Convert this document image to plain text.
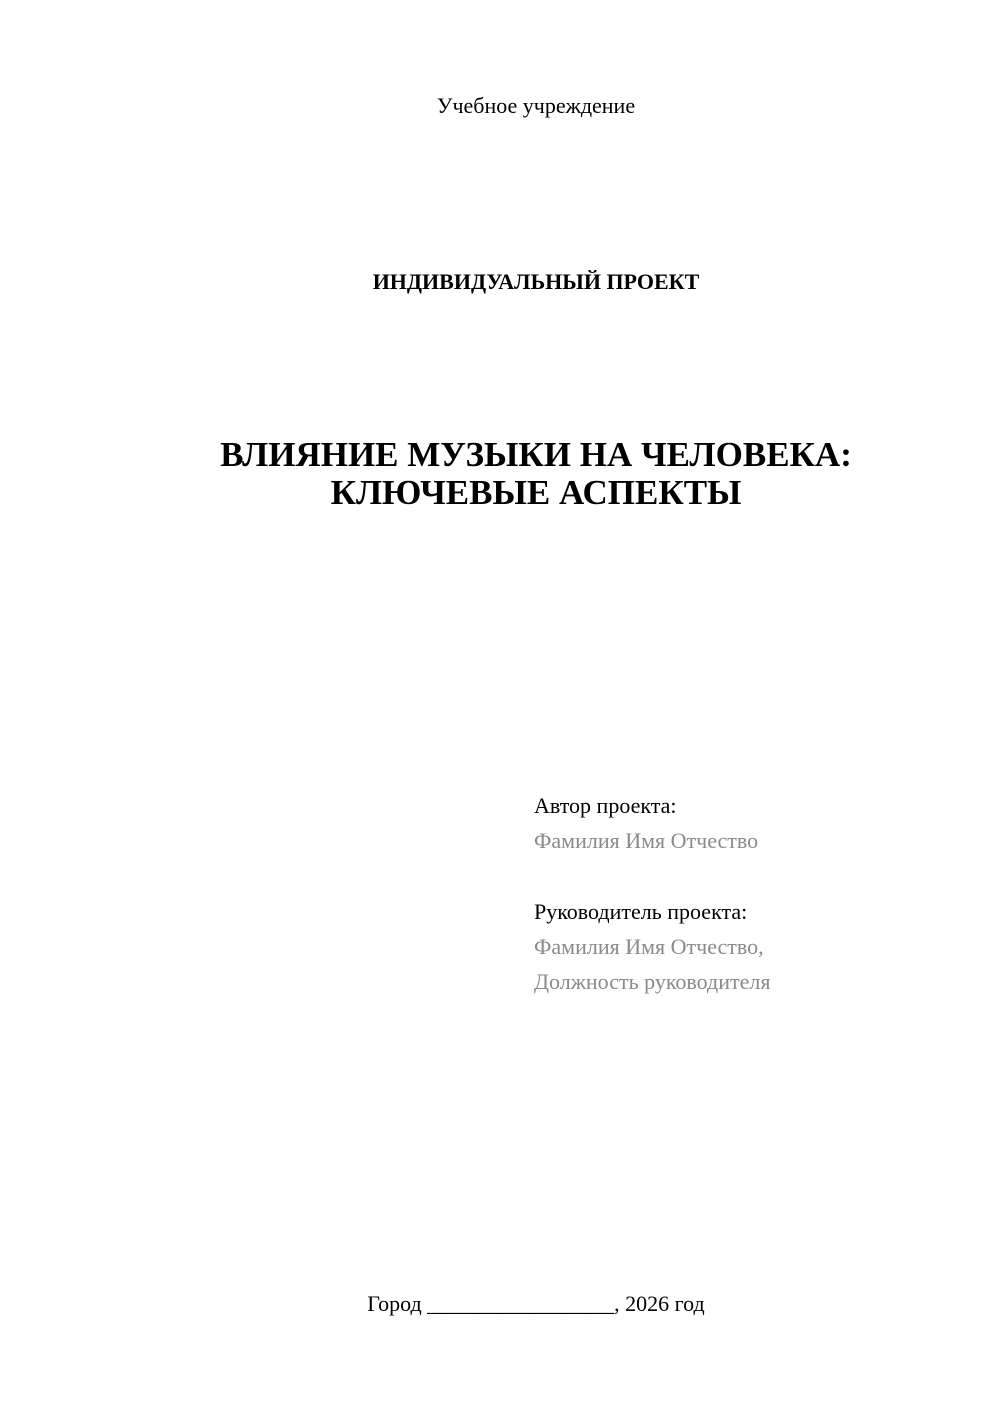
Учебное учреждение
ИНДИВИДУАЛЬНЫЙ ПРОЕКТ
ВЛИЯНИЕ МУЗЫКИ НА ЧЕЛОВЕКА:
КЛЮЧЕВЫЕ АСПЕКТЫ
Автор проекта:
Фамилия Имя Отчество
Руководитель проекта:
Фамилия Имя Отчество,
Должность руководителя
Город _________________, 2026 год
